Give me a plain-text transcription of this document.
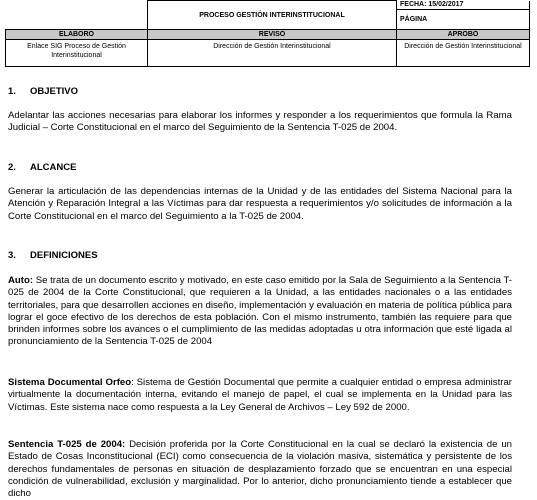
	PROCESO GESTIÓN INTERINSTITUCIONAL	FECHA: 15/02/2017
PÁGINA

ELABORÓ	REVISÓ	APROBÓ
Enlace SIG Proceso de Gestión Interinstitucional	Dirección de Gestión Interinstitucional	Dirección de Gestión Interinstitucional
1. OBJETIVO

Adelantar las acciones necesarias para elaborar los informes y responder a los requerimientos que formula la Rama Judicial – Corte Constitucional en el marco del Seguimiento de la Sentencia T-025 de 2004.

2. ALCANCE

Generar la articulación de las dependencias internas de la Unidad y de las entidades del Sistema Nacional para la Atención y Reparación Integral a las Víctimas para dar respuesta a requerimientos y/o solicitudes de información a la Corte Constitucional en el marco del Seguimiento a la T-025 de 2004.

3. DEFINICIONES

Auto: Se trata de un documento escrito y motivado, en este caso emitido por la Sala de Seguimiento a la Sentencia T-025 de 2004 de la Corte Constitucional, que requieren a la Unidad, a las entidades nacionales o a las entidades territoriales, para que desarrollen acciones en diseño, implementación y evaluación en materia de política pública para lograr el goce efectivo de los derechos de esta población. Con el mismo instrumento, también las requiere para que brinden informes sobre los avances o el cumplimiento de las medidas adoptadas u otra información que esté ligada al pronunciamiento de la Sentencia T-025 de 2004

Sistema Documental Orfeo: Sistema de Gestión Documental que permite a cualquier entidad o empresa administrar virtualmente la documentación interna, evitando el manejo de papel, el cual se implementa en la Unidad para las Víctimas. Este sistema nace como respuesta a la Ley General de Archivos – Ley 592 de 2000.

Sentencia T-025 de 2004: Decisión proferida por la Corte Constitucional en la cual se declaró la existencia de un Estado de Cosas Inconstitucional (ECI) como consecuencia de la violación masiva, sistemática y persistente de los derechos fundamentales de personas en situación de desplazamiento forzado que se encuentran en una especial condición de vulnerabilidad, exclusión y marginalidad. Por lo anterior, dicho pronunciamiento tiende a establecer que dicho
